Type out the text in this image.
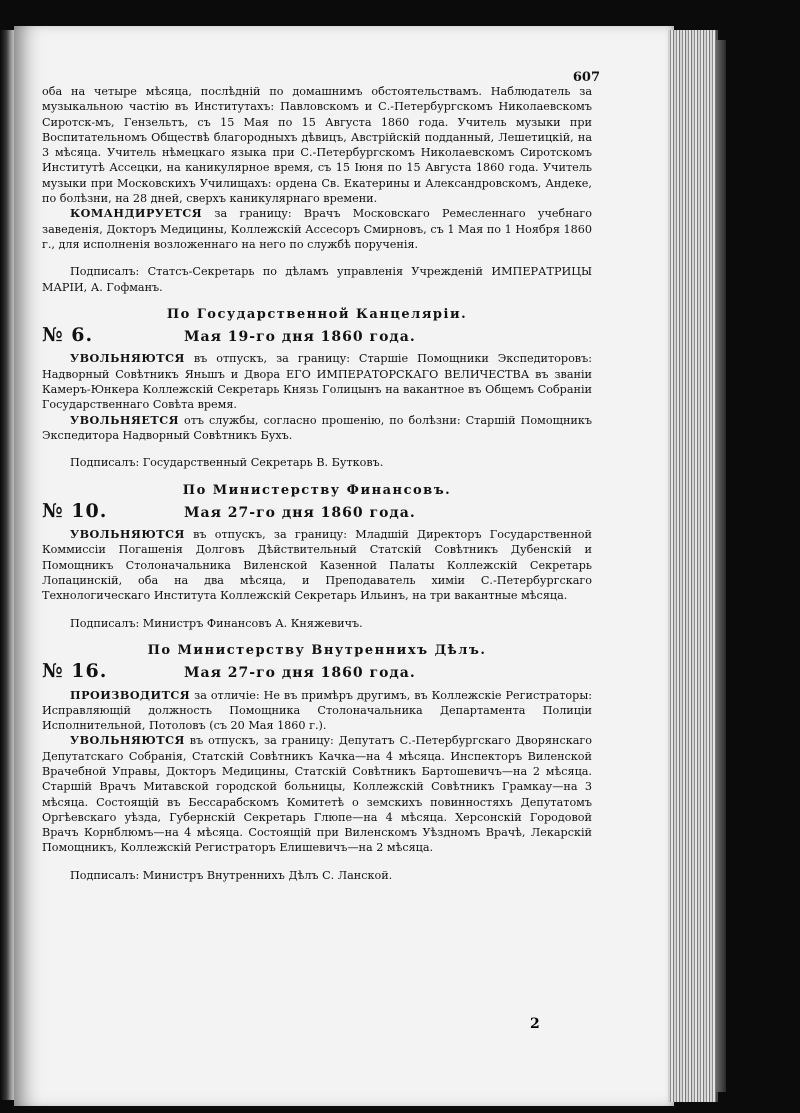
607

оба на четыре мѣсяца, послѣднiй по домашнимъ обстоятельствамъ. Наблюдатель за музыкальною частiю въ Институтахъ: Павловскомъ и С.-Петербургскомъ Николаевскомъ Сиротск-мъ, Гензельтъ, съ 15 Мая по 15 Августа 1860 года. Учитель музыки при Воспитательномъ Обществѣ благородныхъ дѣвицъ, Австрiйскiй подданный, Лешетицкiй, на 3 мѣсяца. Учитель нѣмецкаго языка при С.-Петербургскомъ Николаевскомъ Сиротскомъ Институтѣ Ассецки, на каникулярное время, съ 15 Iюня по 15 Августа 1860 года. Учитель музыки при Московскихъ Училищахъ: ордена Св. Екатерины и Александровскомъ, Андеке, по болѣзни, на 28 дней, сверхъ каникулярнаго времени.

КОМАНДИРУЕТСЯ за границу: Врачъ Московскаго Ремесленнаго учебнаго заведенiя, Докторъ Медицины, Коллежскiй Ассесоръ Смирновъ, съ 1 Мая по 1 Ноября 1860 г., для исполненiя возложеннаго на него по службѣ порученiя.

Подписалъ: Статсъ-Секретарь по дѣламъ управленiя Учрежденiй ИМПЕРАТРИЦЫ МАРIИ, А. Гофманъ.

По Государственной Канцелярiи.
№ 6.	Мая 19-го дня 1860 года.

УВОЛЬНЯЮТСЯ въ отпускъ, за границу: Старшiе Помощники Экспедиторовъ: Надворный Совѣтникъ Яньшъ и Двора ЕГО ИМПЕРАТОРСКАГО ВЕЛИЧЕСТВА въ званiи Камеръ-Юнкера Коллежскiй Секретарь Князь Голицынъ на вакантное въ Общемъ Собранiи Государственнаго Совѣта время.

УВОЛЬНЯЕТСЯ отъ службы, согласно прошенiю, по болѣзни: Старшiй Помощникъ Экспедитора Надворный Совѣтникъ Бухъ.

Подписалъ: Государственный Секретарь В. Бутковъ.

По Министерству Финансовъ.
№ 10.	Мая 27-го дня 1860 года.

УВОЛЬНЯЮТСЯ въ отпускъ, за границу: Младшiй Директоръ Государственной Коммиссiи Погашенiя Долговъ Дѣйствительный Статскiй Совѣтникъ Дубенскiй и Помощникъ Столоначальника Виленской Казенной Палаты Коллежскiй Секретарь Лопацинскiй, оба на два мѣсяца, и Преподаватель химiи С.-Петербургскаго Технологическаго Института Коллежскiй Секретарь Ильинъ, на три вакантные мѣсяца.

Подписалъ: Министръ Финансовъ А. Княжевичъ.

По Министерству Внутреннихъ Дѣлъ.
№ 16.	Мая 27-го дня 1860 года.

ПРОИЗВОДИТСЯ за отличiе: Не въ примѣръ другимъ, въ Коллежскiе Регистраторы: Исправляющiй должность Помощника Столоначальника Департамента Полицiи Исполнительной, Потоловъ (съ 20 Мая 1860 г.).

УВОЛЬНЯЮТСЯ въ отпускъ, за границу: Депутатъ С.-Петербургскаго Дворянскаго Депутатскаго Собранiя, Статскiй Совѣтникъ Качка—на 4 мѣсяца. Инспекторъ Виленской Врачебной Управы, Докторъ Медицины, Статскiй Совѣтникъ Бартошевичъ—на 2 мѣсяца. Старшiй Врачъ Митавской городской больницы, Коллежскiй Совѣтникъ Грамкау—на 3 мѣсяца. Состоящiй въ Бессарабскомъ Комитетѣ о земскихъ повинностяхъ Депутатомъ Оргѣевскаго уѣзда, Губернскiй Секретарь Глюпе—на 4 мѣсяца. Херсонскiй Городовой Врачъ Корнблюмъ—на 4 мѣсяца. Состоящiй при Виленскомъ Уѣздномъ Врачѣ, Лекарскiй Помощникъ, Коллежскiй Регистраторъ Елишевичъ—на 2 мѣсяца.

Подписалъ: Министръ Внутреннихъ Дѣлъ С. Ланской.

2
